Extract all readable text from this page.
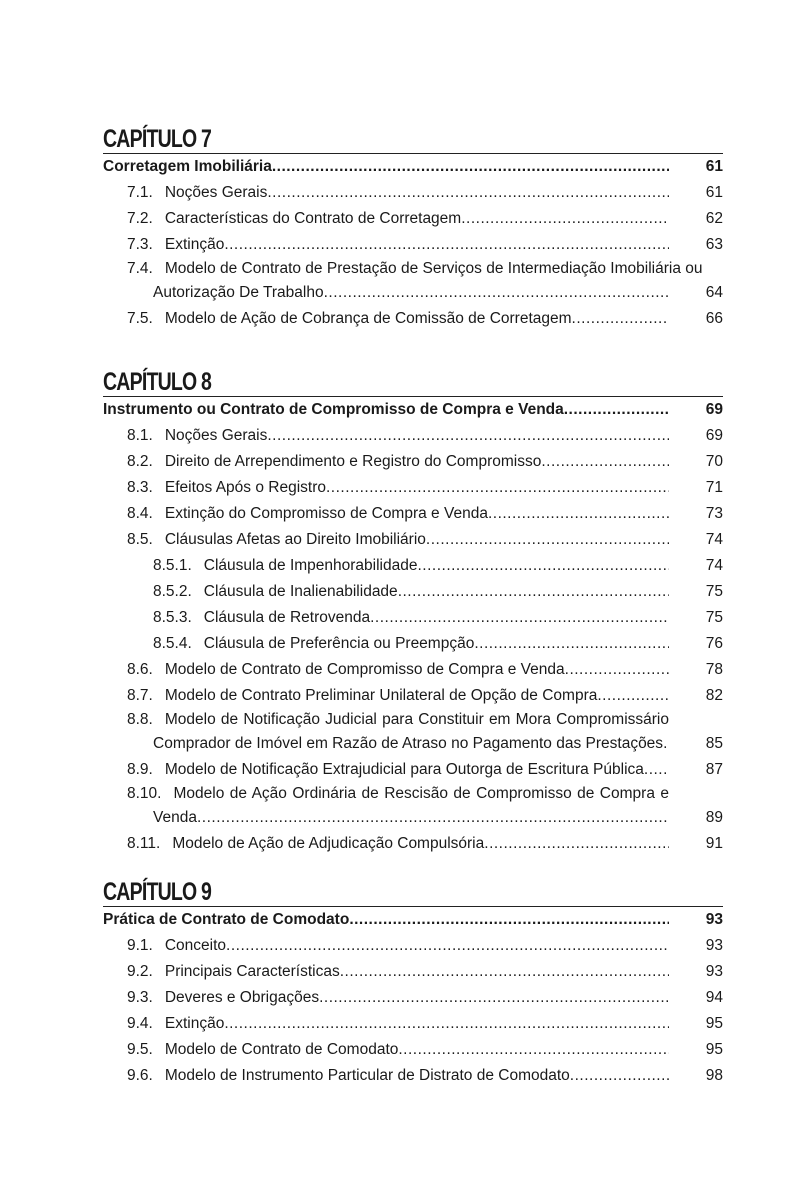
CAPÍTULO 7
Corretagem Imobiliária .....	61
7.1. Noções Gerais .....	61
7.2. Características do Contrato de Corretagem .....	62
7.3. Extinção .....	63
7.4. Modelo de Contrato de Prestação de Serviços de Intermediação Imobiliária ou
Autorização De Trabalho .....	64
7.5. Modelo de Ação de Cobrança de Comissão de Corretagem .....	66
CAPÍTULO 8
Instrumento ou Contrato de Compromisso de Compra e Venda .....	69
8.1. Noções Gerais .....	69
8.2. Direito de Arrependimento e Registro do Compromisso .....	70
8.3. Efeitos Após o Registro .....	71
8.4. Extinção do Compromisso de Compra e Venda .....	73
8.5. Cláusulas Afetas ao Direito Imobiliário .....	74
8.5.1. Cláusula de Impenhorabilidade .....	74
8.5.2. Cláusula de Inalienabilidade .....	75
8.5.3. Cláusula de Retrovenda .....	75
8.5.4. Cláusula de Preferência ou Preempção .....	76
8.6. Modelo de Contrato de Compromisso de Compra e Venda .....	78
8.7. Modelo de Contrato Preliminar Unilateral de Opção de Compra .....	82
8.8. Modelo de Notificação Judicial para Constituir em Mora Compromissário
Comprador de Imóvel em Razão de Atraso no Pagamento das Prestações .....	85
8.9. Modelo de Notificação Extrajudicial para Outorga de Escritura Pública .....	87
8.10. Modelo de Ação Ordinária de Rescisão de Compromisso de Compra e
Venda .....	89
8.11. Modelo de Ação de Adjudicação Compulsória .....	91
CAPÍTULO 9
Prática de Contrato de Comodato .....	93
9.1. Conceito .....	93
9.2. Principais Características .....	93
9.3. Deveres e Obrigações .....	94
9.4. Extinção .....	95
9.5. Modelo de Contrato de Comodato .....	95
9.6. Modelo de Instrumento Particular de Distrato de Comodato .....	98
